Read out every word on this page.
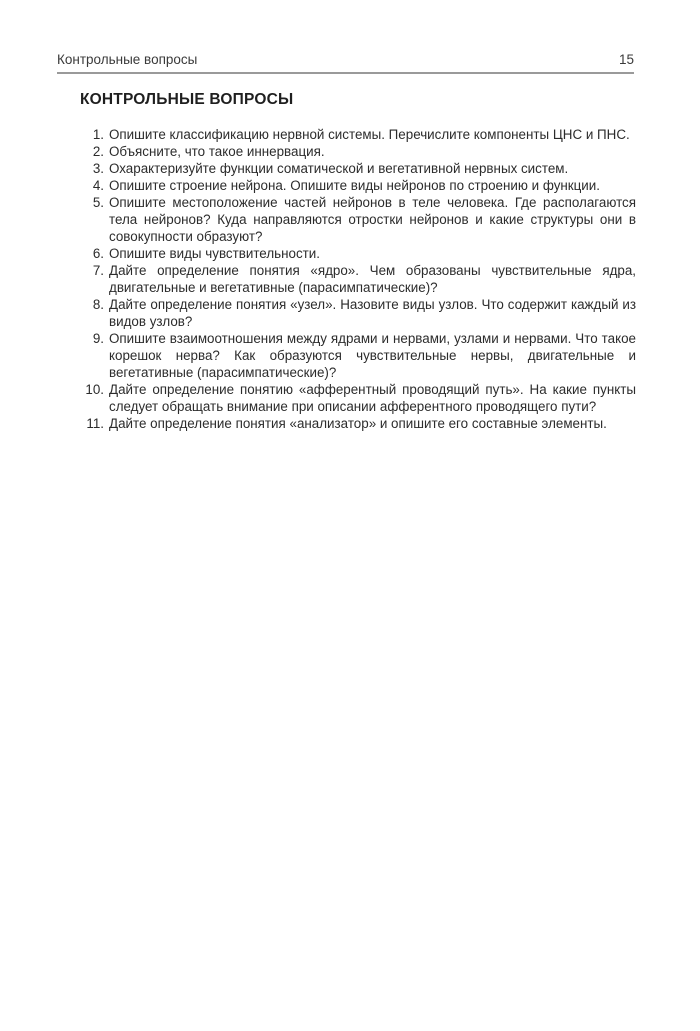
Контрольные вопросы	15
КОНТРОЛЬНЫЕ ВОПРОСЫ
1. Опишите классификацию нервной системы. Перечислите компоненты ЦНС и ПНС.
2. Объясните, что такое иннервация.
3. Охарактеризуйте функции соматической и вегетативной нервных систем.
4. Опишите строение нейрона. Опишите виды нейронов по строению и функции.
5. Опишите местоположение частей нейронов в теле человека. Где располагаются тела нейронов? Куда направляются отростки нейронов и какие структуры они в совокупности образуют?
6. Опишите виды чувствительности.
7. Дайте определение понятия «ядро». Чем образованы чувствительные ядра, двигательные и вегетативные (парасимпатические)?
8. Дайте определение понятия «узел». Назовите виды узлов. Что содержит каждый из видов узлов?
9. Опишите взаимоотношения между ядрами и нервами, узлами и нервами. Что такое корешок нерва? Как образуются чувствительные нервы, двигательные и вегетативные (парасимпатические)?
10. Дайте определение понятию «афферентный проводящий путь». На какие пункты следует обращать внимание при описании афферентного проводящего пути?
11. Дайте определение понятия «анализатор» и опишите его составные элементы.
